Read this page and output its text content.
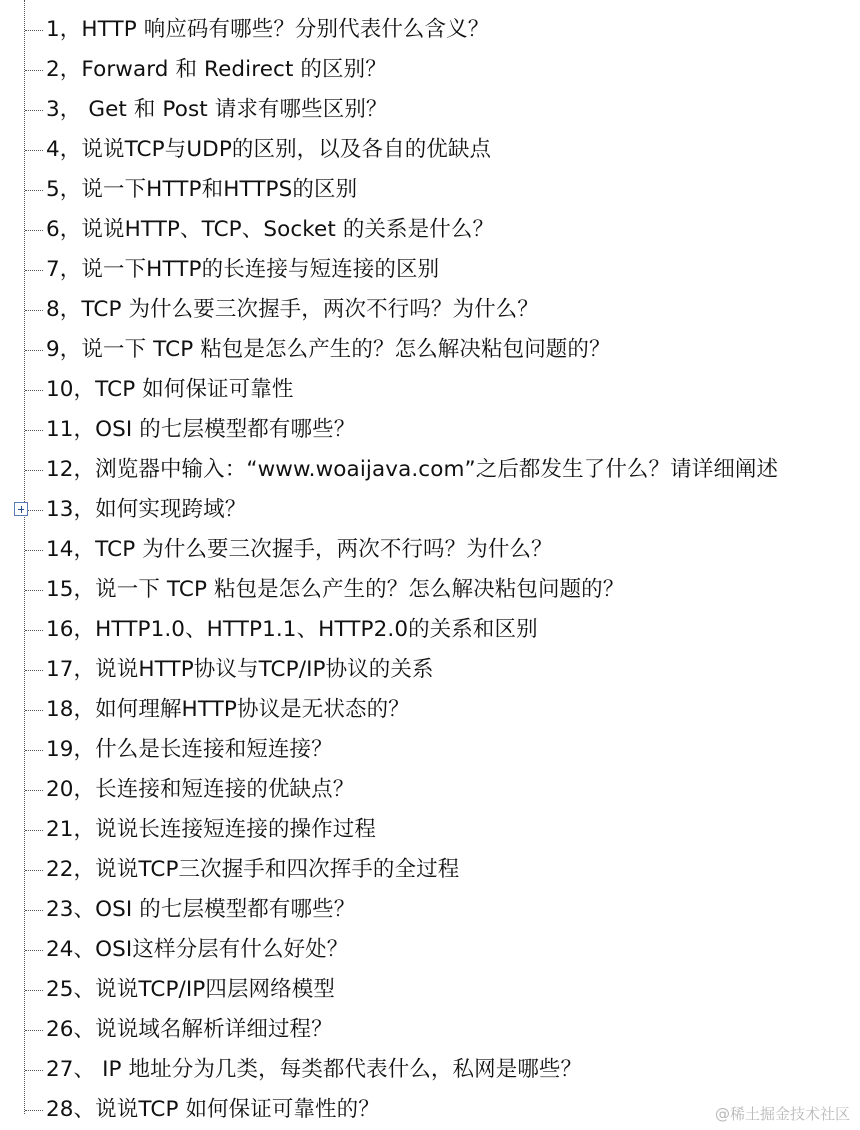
1，HTTP 响应码有哪些？分别代表什么含义？
2，Forward 和 Redirect 的区别？
3， Get 和 Post 请求有哪些区别？
4，说说TCP与UDP的区别，以及各自的优缺点
5，说一下HTTP和HTTPS的区别
6，说说HTTP、TCP、Socket 的关系是什么？
7，说一下HTTP的长连接与短连接的区别
8，TCP 为什么要三次握手，两次不行吗？为什么？
9，说一下 TCP 粘包是怎么产生的？怎么解决粘包问题的？
10，TCP 如何保证可靠性
11，OSI 的七层模型都有哪些？
12，浏览器中输入：“www.woaijava.com”之后都发生了什么？请详细阐述
13，如何实现跨域？
14，TCP 为什么要三次握手，两次不行吗？为什么？
15，说一下 TCP 粘包是怎么产生的？怎么解决粘包问题的？
16，HTTP1.0、HTTP1.1、HTTP2.0的关系和区别
17，说说HTTP协议与TCP/IP协议的关系
18，如何理解HTTP协议是无状态的？
19，什么是长连接和短连接？
20，长连接和短连接的优缺点？
21，说说长连接短连接的操作过程
22，说说TCP三次握手和四次挥手的全过程
23、OSI 的七层模型都有哪些？
24、OSI这样分层有什么好处？
25、说说TCP/IP四层网络模型
26、说说域名解析详细过程？
27、 IP 地址分为几类，每类都代表什么，私网是哪些？
28、说说TCP 如何保证可靠性的？	@稀土掘金技术社区
